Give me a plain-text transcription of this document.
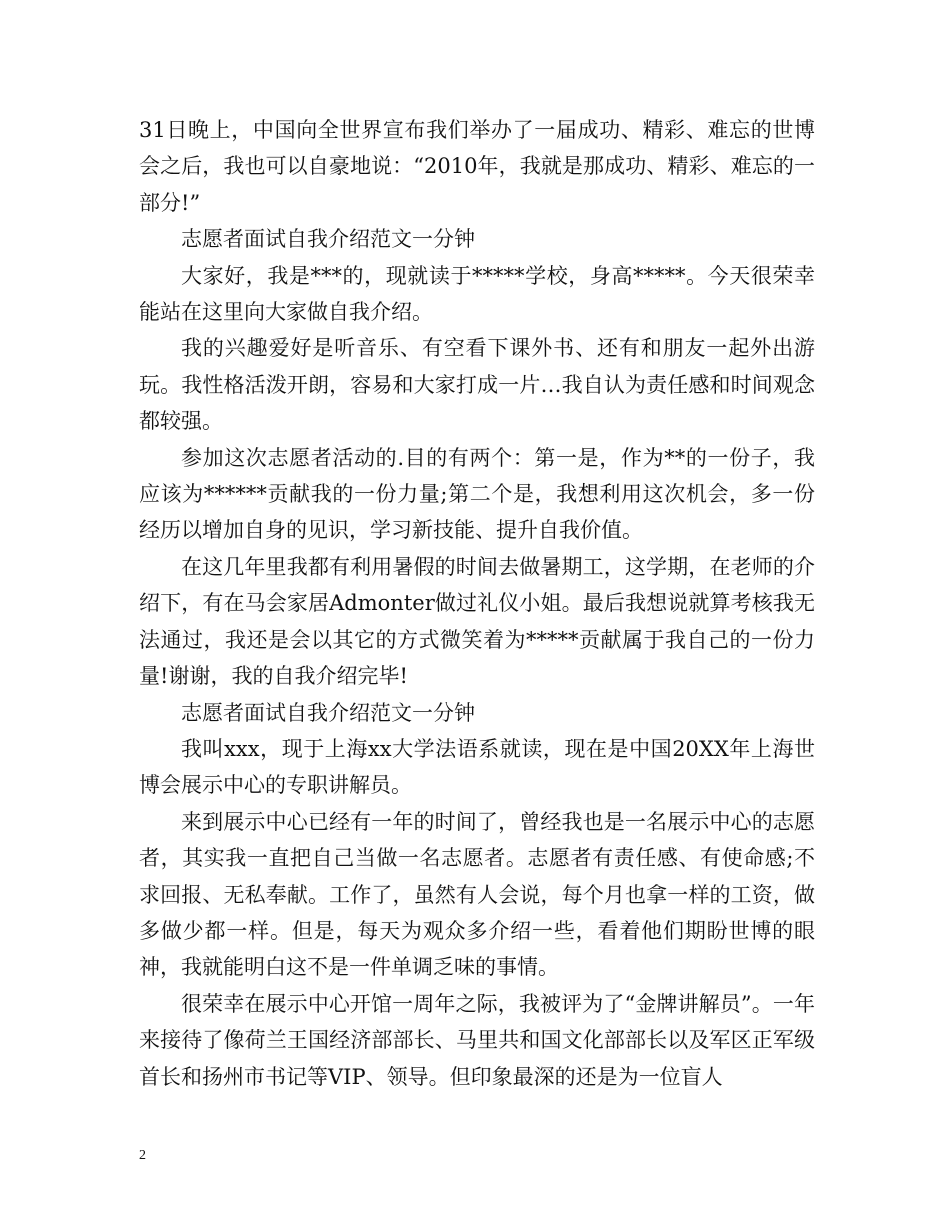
31日晚上，中国向全世界宣布我们举办了一届成功、精彩、难忘的世博会之后，我也可以自豪地说：“2010年，我就是那成功、精彩、难忘的一部分!”

志愿者面试自我介绍范文一分钟

大家好，我是***的，现就读于*****学校，身高*****。今天很荣幸能站在这里向大家做自我介绍。

我的兴趣爱好是听音乐、有空看下课外书、还有和朋友一起外出游玩。我性格活泼开朗，容易和大家打成一片…我自认为责任感和时间观念都较强。

参加这次志愿者活动的.目的有两个：第一是，作为**的一份子，我应该为******贡献我的一份力量;第二个是，我想利用这次机会，多一份经历以增加自身的见识，学习新技能、提升自我价值。

在这几年里我都有利用暑假的时间去做暑期工，这学期，在老师的介绍下，有在马会家居Admonter做过礼仪小姐。最后我想说就算考核我无法通过，我还是会以其它的方式微笑着为*****贡献属于我自己的一份力量!谢谢，我的自我介绍完毕!

志愿者面试自我介绍范文一分钟

我叫xxx，现于上海xx大学法语系就读，现在是中国20XX年上海世博会展示中心的专职讲解员。

来到展示中心已经有一年的时间了，曾经我也是一名展示中心的志愿者，其实我一直把自己当做一名志愿者。志愿者有责任感、有使命感;不求回报、无私奉献。工作了，虽然有人会说，每个月也拿一样的工资，做多做少都一样。但是，每天为观众多介绍一些，看着他们期盼世博的眼神，我就能明白这不是一件单调乏味的事情。

很荣幸在展示中心开馆一周年之际，我被评为了“金牌讲解员”。一年来接待了像荷兰王国经济部部长、马里共和国文化部部长以及军区正军级首长和扬州市书记等VIP、领导。但印象最深的还是为一位盲人

2
